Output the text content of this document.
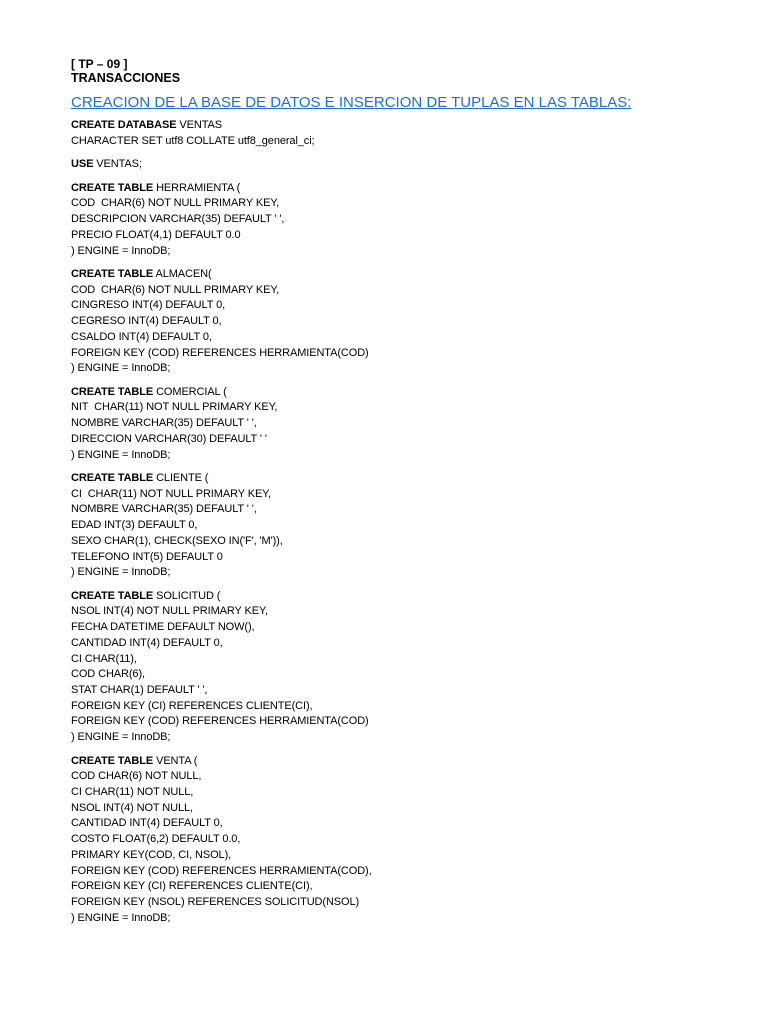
[ TP – 09 ]

TRANSACCIONES

CREACION DE LA BASE DE DATOS E INSERCION DE TUPLAS EN LAS TABLAS:

CREATE DATABASE VENTAS

CHARACTER SET utf8 COLLATE utf8_general_ci;

USE VENTAS;

CREATE TABLE HERRAMIENTA (

COD  CHAR(6) NOT NULL PRIMARY KEY,

DESCRIPCION VARCHAR(35) DEFAULT ' ',

PRECIO FLOAT(4,1) DEFAULT 0.0

) ENGINE = InnoDB;

CREATE TABLE ALMACEN(

COD  CHAR(6) NOT NULL PRIMARY KEY,

CINGRESO INT(4) DEFAULT 0,

CEGRESO INT(4) DEFAULT 0,

CSALDO INT(4) DEFAULT 0,

FOREIGN KEY (COD) REFERENCES HERRAMIENTA(COD)

) ENGINE = InnoDB;

CREATE TABLE COMERCIAL (

NIT  CHAR(11) NOT NULL PRIMARY KEY,

NOMBRE VARCHAR(35) DEFAULT ' ',

DIRECCION VARCHAR(30) DEFAULT ' '

) ENGINE = InnoDB;

CREATE TABLE CLIENTE (

CI  CHAR(11) NOT NULL PRIMARY KEY,

NOMBRE VARCHAR(35) DEFAULT ' ',

EDAD INT(3) DEFAULT 0,

SEXO CHAR(1), CHECK(SEXO IN('F', 'M')),

TELEFONO INT(5) DEFAULT 0

) ENGINE = InnoDB;

CREATE TABLE SOLICITUD (

NSOL INT(4) NOT NULL PRIMARY KEY,

FECHA DATETIME DEFAULT NOW(),

CANTIDAD INT(4) DEFAULT 0,

CI CHAR(11),

COD CHAR(6),

STAT CHAR(1) DEFAULT ' ',

FOREIGN KEY (CI) REFERENCES CLIENTE(CI),

FOREIGN KEY (COD) REFERENCES HERRAMIENTA(COD)

) ENGINE = InnoDB;

CREATE TABLE VENTA (

COD CHAR(6) NOT NULL,

CI CHAR(11) NOT NULL,

NSOL INT(4) NOT NULL,

CANTIDAD INT(4) DEFAULT 0,

COSTO FLOAT(6,2) DEFAULT 0.0,

PRIMARY KEY(COD, CI, NSOL),

FOREIGN KEY (COD) REFERENCES HERRAMIENTA(COD),

FOREIGN KEY (CI) REFERENCES CLIENTE(CI),

FOREIGN KEY (NSOL) REFERENCES SOLICITUD(NSOL)

) ENGINE = InnoDB;
